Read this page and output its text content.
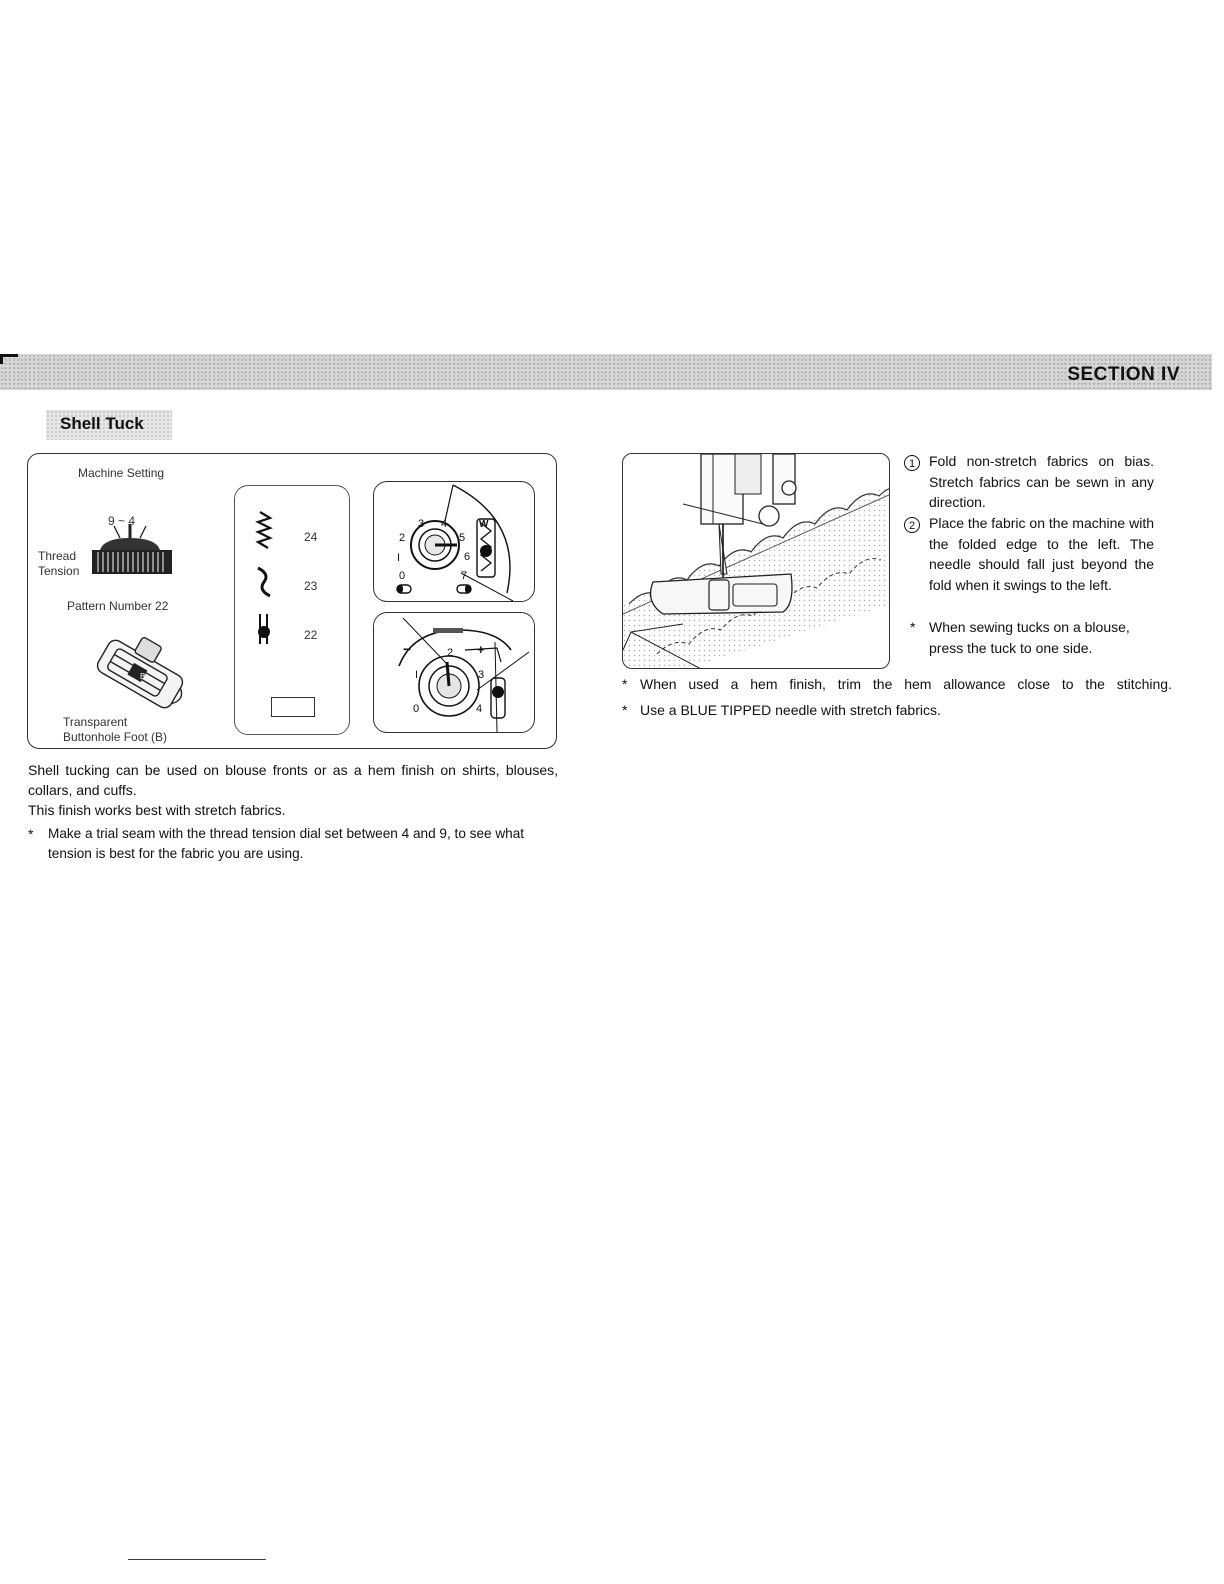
SECTION IV
Shell Tuck
Machine Setting
9 ~ 4
Thread
Tension
Pattern Number 22
B
Transparent
Buttonhole Foot (B)
24
23
22
2
3 4
5
6
7
I
0
W
2
3
4
I
0
−	+
Shell tucking can be used on blouse fronts or as a hem finish on shirts, blouses, collars, and cuffs.
This finish works best with stretch fabrics.
* Make a trial seam with the thread tension dial set between 4 and 9, to see what tension is best for the fabric you are using.
1 Fold non-stretch fabrics on bias. Stretch fabrics can be sewn in any direction.
2 Place the fabric on the machine with the folded edge to the left. The needle should fall just beyond the fold when it swings to the left.
* When sewing tucks on a blouse, press the tuck to one side.
* When used a hem finish, trim the hem allowance close to the stitching.
* Use a BLUE TIPPED needle with stretch fabrics.
